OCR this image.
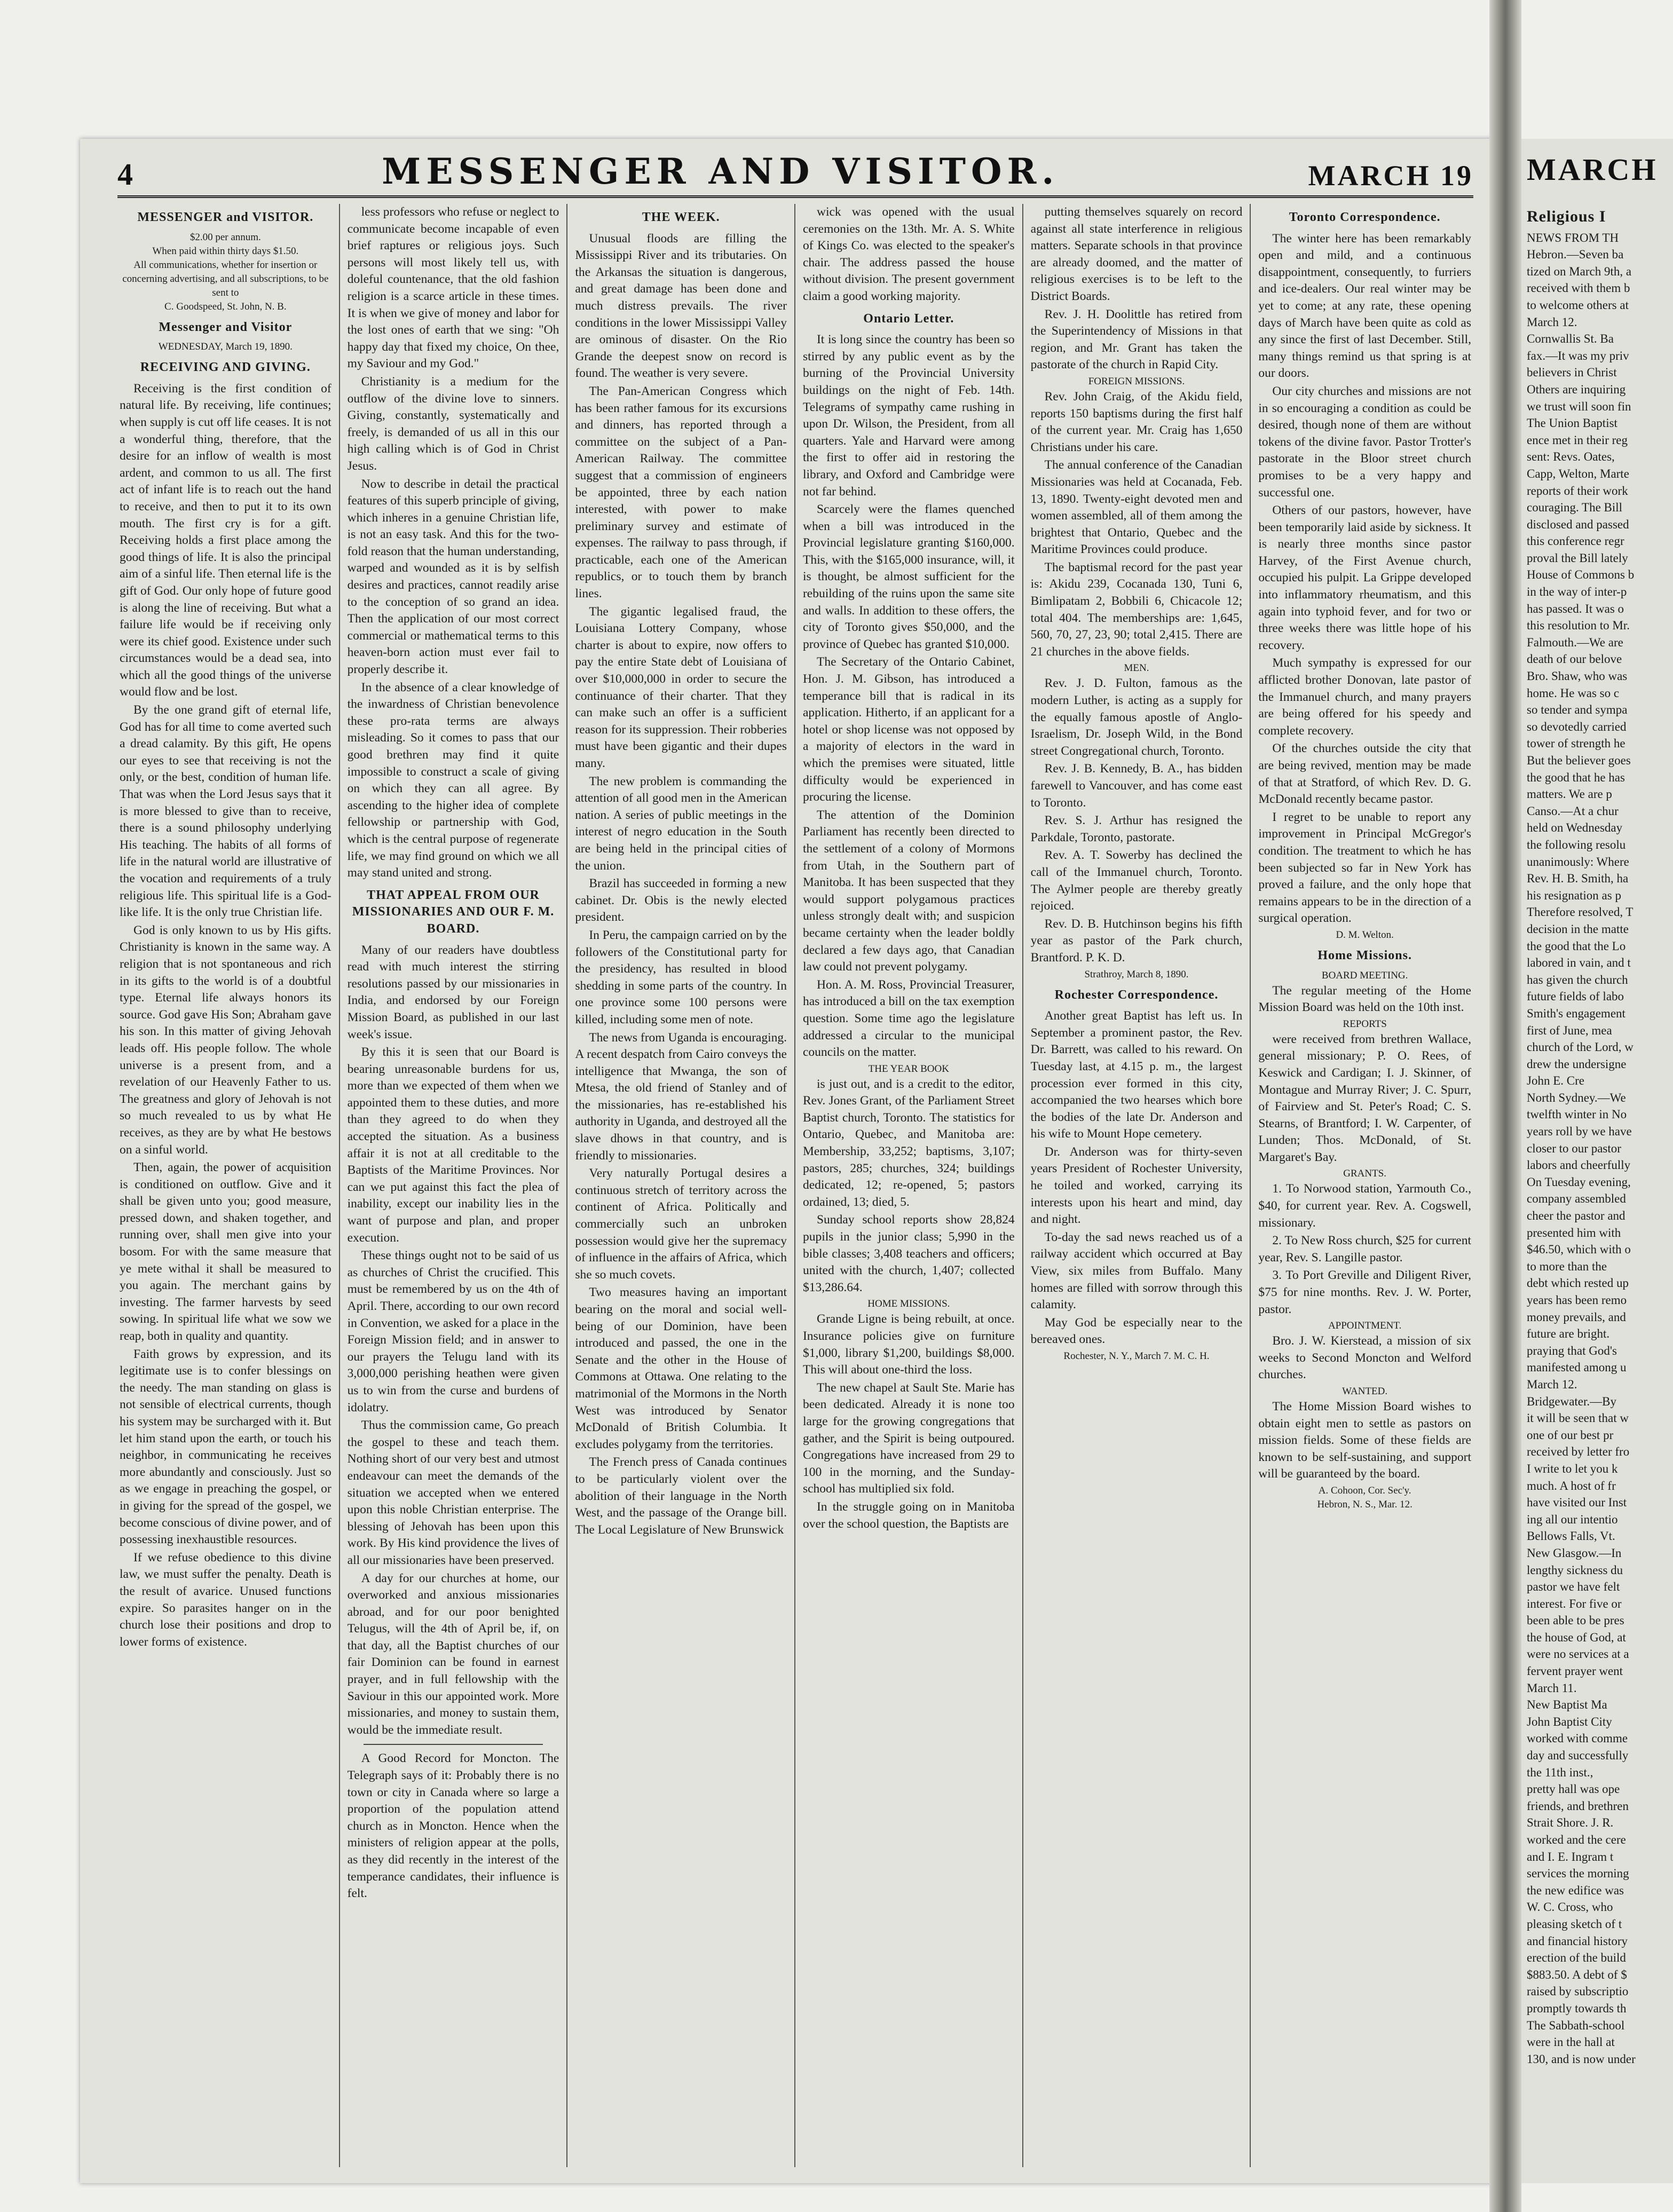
4	MESSENGER AND VISITOR.	MARCH 19
MESSENGER and VISITOR.
$2.00 per annum.
When paid within thirty days $1.50.
All communications, whether for insertion or concerning advertising, and all subscriptions, to be sent to
C. Goodspeed, St. John, N. B.
Messenger and Visitor
WEDNESDAY, March 19, 1890.
RECEIVING AND GIVING.
Receiving is the first condition of natural life. By receiving, life continues; when supply is cut off life ceases. It is not a wonderful thing, therefore, that the desire for an inflow of wealth is most ardent, and common to us all. The first act of infant life is to reach out the hand to receive, and then to put it to its own mouth. The first cry is for a gift. Receiving holds a first place among the good things of life. It is also the principal aim of a sinful life. Then eternal life is the gift of God. Our only hope of future good is along the line of receiving. But what a failure life would be if receiving only were its chief good. Existence under such circumstances would be a dead sea, into which all the good things of the universe would flow and be lost.
By the one grand gift of eternal life, God has for all time to come averted such a dread calamity. By this gift, He opens our eyes to see that receiving is not the only, or the best, condition of human life. That was when the Lord Jesus says that it is more blessed to give than to receive, there is a sound philosophy underlying His teaching. The habits of all forms of life in the natural world are illustrative of the vocation and requirements of a truly religious life. This spiritual life is a God-like life. It is the only true Christian life.
God is only known to us by His gifts. Christianity is known in the same way. A religion that is not spontaneous and rich in its gifts to the world is of a doubtful type. Eternal life always honors its source. God gave His Son; Abraham gave his son. In this matter of giving Jehovah leads off. His people follow. The whole universe is a present from, and a revelation of our Heavenly Father to us. The greatness and glory of Jehovah is not so much revealed to us by what He receives, as they are by what He bestows on a sinful world.
Then, again, the power of acquisition is conditioned on outflow. Give and it shall be given unto you; good measure, pressed down, and shaken together, and running over, shall men give into your bosom. For with the same measure that ye mete withal it shall be measured to you again. The merchant gains by investing. The farmer harvests by seed sowing. In spiritual life what we sow we reap, both in quality and quantity.
Faith grows by expression, and its legitimate use is to confer blessings on the needy. The man standing on glass is not sensible of electrical currents, though his system may be surcharged with it. But let him stand upon the earth, or touch his neighbor, in communicating he receives more abundantly and consciously. Just so as we engage in preaching the gospel, or in giving for the spread of the gospel, we become conscious of divine power, and of possessing inexhaustible resources.
If we refuse obedience to this divine law, we must suffer the penalty. Death is the result of avarice. Unused functions expire. So parasites hanger on in the church lose their positions and drop to lower forms of existence.
less professors who refuse or neglect to communicate become incapable of even brief raptures or religious joys. Such persons will most likely tell us, with doleful countenance, that the old fashion religion is a scarce article in these times. It is when we give of money and labor for the lost ones of earth that we sing: "Oh happy day that fixed my choice, On thee, my Saviour and my God."
Christianity is a medium for the outflow of the divine love to sinners. Giving, constantly, systematically and freely, is demanded of us all in this our high calling which is of God in Christ Jesus.
Now to describe in detail the practical features of this superb principle of giving, which inheres in a genuine Christian life, is not an easy task. And this for the two-fold reason that the human understanding, warped and wounded as it is by selfish desires and practices, cannot readily arise to the conception of so grand an idea. Then the application of our most correct commercial or mathematical terms to this heaven-born action must ever fail to properly describe it.
In the absence of a clear knowledge of the inwardness of Christian benevolence these pro-rata terms are always misleading. So it comes to pass that our good brethren may find it quite impossible to construct a scale of giving on which they can all agree. By ascending to the higher idea of complete fellowship or partnership with God, which is the central purpose of regenerate life, we may find ground on which we all may stand united and strong.
THAT APPEAL FROM OUR MISSIONARIES AND OUR F. M. BOARD.
Many of our readers have doubtless read with much interest the stirring resolutions passed by our missionaries in India, and endorsed by our Foreign Mission Board, as published in our last week's issue.
By this it is seen that our Board is bearing unreasonable burdens for us, more than we expected of them when we appointed them to these duties, and more than they agreed to do when they accepted the situation. As a business affair it is not at all creditable to the Baptists of the Maritime Provinces. Nor can we put against this fact the plea of inability, except our inability lies in the want of purpose and plan, and proper execution.
These things ought not to be said of us as churches of Christ the crucified. This must be remembered by us on the 4th of April. There, according to our own record in Convention, we asked for a place in the Foreign Mission field; and in answer to our prayers the Telugu land with its 3,000,000 perishing heathen were given us to win from the curse and burdens of idolatry.
Thus the commission came, Go preach the gospel to these and teach them. Nothing short of our very best and utmost endeavour can meet the demands of the situation we accepted when we entered upon this noble Christian enterprise. The blessing of Jehovah has been upon this work. By His kind providence the lives of all our missionaries have been preserved.
A day for our churches at home, our overworked and anxious missionaries abroad, and for our poor benighted Telugus, will the 4th of April be, if, on that day, all the Baptist churches of our fair Dominion can be found in earnest prayer, and in full fellowship with the Saviour in this our appointed work. More missionaries, and money to sustain them, would be the immediate result.
A Good Record for Moncton. The Telegraph says of it: Probably there is no town or city in Canada where so large a proportion of the population attend church as in Moncton. Hence when the ministers of religion appear at the polls, as they did recently in the interest of the temperance candidates, their influence is felt.
THE WEEK.
Unusual floods are filling the Mississippi River and its tributaries. On the Arkansas the situation is dangerous, and great damage has been done and much distress prevails. The river conditions in the lower Mississippi Valley are ominous of disaster. On the Rio Grande the deepest snow on record is found. The weather is very severe.
The Pan-American Congress which has been rather famous for its excursions and dinners, has reported through a committee on the subject of a Pan-American Railway. The committee suggest that a commission of engineers be appointed, three by each nation interested, with power to make preliminary survey and estimate of expenses. The railway to pass through, if practicable, each one of the American republics, or to touch them by branch lines.
The gigantic legalised fraud, the Louisiana Lottery Company, whose charter is about to expire, now offers to pay the entire State debt of Louisiana of over $10,000,000 in order to secure the continuance of their charter. That they can make such an offer is a sufficient reason for its suppression. Their robberies must have been gigantic and their dupes many.
The new problem is commanding the attention of all good men in the American nation. A series of public meetings in the interest of negro education in the South are being held in the principal cities of the union.
Brazil has succeeded in forming a new cabinet. Dr. Obis is the newly elected president.
In Peru, the campaign carried on by the followers of the Constitutional party for the presidency, has resulted in blood shedding in some parts of the country. In one province some 100 persons were killed, including some men of note.
The news from Uganda is encouraging. A recent despatch from Cairo conveys the intelligence that Mwanga, the son of Mtesa, the old friend of Stanley and of the missionaries, has re-established his authority in Uganda, and destroyed all the slave dhows in that country, and is friendly to missionaries.
Very naturally Portugal desires a continuous stretch of territory across the continent of Africa. Politically and commercially such an unbroken possession would give her the supremacy of influence in the affairs of Africa, which she so much covets.
Two measures having an important bearing on the moral and social well-being of our Dominion, have been introduced and passed, the one in the Senate and the other in the House of Commons at Ottawa. One relating to the matrimonial of the Mormons in the North West was introduced by Senator McDonald of British Columbia. It excludes polygamy from the territories.
The French press of Canada continues to be particularly violent over the abolition of their language in the North West, and the passage of the Orange bill. The Local Legislature of New Brunswick
wick was opened with the usual ceremonies on the 13th. Mr. A. S. White of Kings Co. was elected to the speaker's chair. The address passed the house without division. The present government claim a good working majority.
Ontario Letter.
It is long since the country has been so stirred by any public event as by the burning of the Provincial University buildings on the night of Feb. 14th. Telegrams of sympathy came rushing in upon Dr. Wilson, the President, from all quarters. Yale and Harvard were among the first to offer aid in restoring the library, and Oxford and Cambridge were not far behind.
Scarcely were the flames quenched when a bill was introduced in the Provincial legislature granting $160,000. This, with the $165,000 insurance, will, it is thought, be almost sufficient for the rebuilding of the ruins upon the same site and walls. In addition to these offers, the city of Toronto gives $50,000, and the province of Quebec has granted $10,000.
The Secretary of the Ontario Cabinet, Hon. J. M. Gibson, has introduced a temperance bill that is radical in its application. Hitherto, if an applicant for a hotel or shop license was not opposed by a majority of electors in the ward in which the premises were situated, little difficulty would be experienced in procuring the license.
The attention of the Dominion Parliament has recently been directed to the settlement of a colony of Mormons from Utah, in the Southern part of Manitoba. It has been suspected that they would support polygamous practices unless strongly dealt with; and suspicion became certainty when the leader boldly declared a few days ago, that Canadian law could not prevent polygamy.
Hon. A. M. Ross, Provincial Treasurer, has introduced a bill on the tax exemption question. Some time ago the legislature addressed a circular to the municipal councils on the matter.
THE YEAR BOOK
is just out, and is a credit to the editor, Rev. Jones Grant, of the Parliament Street Baptist church, Toronto. The statistics for Ontario, Quebec, and Manitoba are: Membership, 33,252; baptisms, 3,107; pastors, 285; churches, 324; buildings dedicated, 12; re-opened, 5; pastors ordained, 13; died, 5.
Sunday school reports show 28,824 pupils in the junior class; 5,990 in the bible classes; 3,408 teachers and officers; united with the church, 1,407; collected $13,286.64.
HOME MISSIONS.
Grande Ligne is being rebuilt, at once. Insurance policies give on furniture $1,000, library $1,200, buildings $8,000. This will about one-third the loss.
The new chapel at Sault Ste. Marie has been dedicated. Already it is none too large for the growing congregations that gather, and the Spirit is being outpoured. Congregations have increased from 29 to 100 in the morning, and the Sunday-school has multiplied six fold.
In the struggle going on in Manitoba over the school question, the Baptists are
putting themselves squarely on record against all state interference in religious matters. Separate schools in that province are already doomed, and the matter of religious exercises is to be left to the District Boards.
Rev. J. H. Doolittle has retired from the Superintendency of Missions in that region, and Mr. Grant has taken the pastorate of the church in Rapid City.
FOREIGN MISSIONS.
Rev. John Craig, of the Akidu field, reports 150 baptisms during the first half of the current year. Mr. Craig has 1,650 Christians under his care.
The annual conference of the Canadian Missionaries was held at Cocanada, Feb. 13, 1890. Twenty-eight devoted men and women assembled, all of them among the brightest that Ontario, Quebec and the Maritime Provinces could produce.
The baptismal record for the past year is: Akidu 239, Cocanada 130, Tuni 6, Bimlipatam 2, Bobbili 6, Chicacole 12; total 404. The memberships are: 1,645, 560, 70, 27, 23, 90; total 2,415. There are 21 churches in the above fields.
MEN.
Rev. J. D. Fulton, famous as the modern Luther, is acting as a supply for the equally famous apostle of Anglo-Israelism, Dr. Joseph Wild, in the Bond street Congregational church, Toronto.
Rev. J. B. Kennedy, B. A., has bidden farewell to Vancouver, and has come east to Toronto.
Rev. S. J. Arthur has resigned the Parkdale, Toronto, pastorate.
Rev. A. T. Sowerby has declined the call of the Immanuel church, Toronto. The Aylmer people are thereby greatly rejoiced.
Rev. D. B. Hutchinson begins his fifth year as pastor of the Park church, Brantford. P. K. D.
Strathroy, March 8, 1890.
Rochester Correspondence.
Another great Baptist has left us. In September a prominent pastor, the Rev. Dr. Barrett, was called to his reward. On Tuesday last, at 4.15 p. m., the largest procession ever formed in this city, accompanied the two hearses which bore the bodies of the late Dr. Anderson and his wife to Mount Hope cemetery.
Dr. Anderson was for thirty-seven years President of Rochester University, he toiled and worked, carrying its interests upon his heart and mind, day and night.
To-day the sad news reached us of a railway accident which occurred at Bay View, six miles from Buffalo. Many homes are filled with sorrow through this calamity.
May God be especially near to the bereaved ones.
Rochester, N. Y., March 7. M. C. H.
Toronto Correspondence.
The winter here has been remarkably open and mild, and a continuous disappointment, consequently, to furriers and ice-dealers. Our real winter may be yet to come; at any rate, these opening days of March have been quite as cold as any since the first of last December. Still, many things remind us that spring is at our doors.
Our city churches and missions are not in so encouraging a condition as could be desired, though none of them are without tokens of the divine favor. Pastor Trotter's pastorate in the Bloor street church promises to be a very happy and successful one.
Others of our pastors, however, have been temporarily laid aside by sickness. It is nearly three months since pastor Harvey, of the First Avenue church, occupied his pulpit. La Grippe developed into inflammatory rheumatism, and this again into typhoid fever, and for two or three weeks there was little hope of his recovery.
Much sympathy is expressed for our afflicted brother Donovan, late pastor of the Immanuel church, and many prayers are being offered for his speedy and complete recovery.
Of the churches outside the city that are being revived, mention may be made of that at Stratford, of which Rev. D. G. McDonald recently became pastor.
I regret to be unable to report any improvement in Principal McGregor's condition. The treatment to which he has been subjected so far in New York has proved a failure, and the only hope that remains appears to be in the direction of a surgical operation.
D. M. Welton.
Home Missions.
BOARD MEETING.
The regular meeting of the Home Mission Board was held on the 10th inst.
REPORTS
were received from brethren Wallace, general missionary; P. O. Rees, of Keswick and Cardigan; I. J. Skinner, of Montague and Murray River; J. C. Spurr, of Fairview and St. Peter's Road; C. S. Stearns, of Brantford; I. W. Carpenter, of Lunden; Thos. McDonald, of St. Margaret's Bay.
GRANTS.
1. To Norwood station, Yarmouth Co., $40, for current year. Rev. A. Cogswell, missionary.
2. To New Ross church, $25 for current year, Rev. S. Langille pastor.
3. To Port Greville and Diligent River, $75 for nine months. Rev. J. W. Porter, pastor.
APPOINTMENT.
Bro. J. W. Kierstead, a mission of six weeks to Second Moncton and Welford churches.
WANTED.
The Home Mission Board wishes to obtain eight men to settle as pastors on mission fields. Some of these fields are known to be self-sustaining, and support will be guaranteed by the board.
A. Cohoon, Cor. Sec'y.
Hebron, N. S., Mar. 12.
MARCH
Religious I
NEWS FROM TH
Hebron.—Seven ba
tized on March 9th, a
received with them b
to welcome others at
March 12.
Cornwallis St. Ba
fax.—It was my priv
believers in Christ
Others are inquiring
we trust will soon fin
The Union Baptist
ence met in their reg
sent: Revs. Oates,
Capp, Welton, Marte
reports of their work
couraging. The Bill
disclosed and passed
this conference regr
proval the Bill lately
House of Commons b
in the way of inter-p
has passed. It was o
this resolution to Mr.
Falmouth.—We are
death of our belove
Bro. Shaw, who was
home. He was so c
so tender and sympa
so devotedly carried
tower of strength he
But the believer goes
the good that he has
matters. We are p
Canso.—At a chur
held on Wednesday
the following resolu
unanimously: Where
Rev. H. B. Smith, ha
his resignation as p
Therefore resolved, T
decision in the matte
the good that the Lo
labored in vain, and t
has given the church
future fields of labo
Smith's engagement
first of June, mea
church of the Lord, w
drew the undersigne
John E. Cre
North Sydney.—We
twelfth winter in No
years roll by we have
closer to our pastor
labors and cheerfully
On Tuesday evening,
company assembled
cheer the pastor and
presented him with
$46.50, which with o
to more than the
debt which rested up
years has been remo
money prevails, and
future are bright.
praying that God's
manifested among u
March 12.
Bridgewater.—By
it will be seen that w
one of our best pr
received by letter fro
I write to let you k
much. A host of fr
have visited our Inst
ing all our intentio
Bellows Falls, Vt.
New Glasgow.—In
lengthy sickness du
pastor we have felt
interest. For five or
been able to be pres
the house of God, at
were no services at a
fervent prayer went
March 11.
New Baptist Ma
John Baptist City
worked with comme
day and successfully
the 11th inst.,
pretty hall was ope
friends, and brethren
Strait Shore. J. R.
worked and the cere
and I. E. Ingram t
services the morning
the new edifice was
W. C. Cross, who
pleasing sketch of t
and financial history
erection of the build
$883.50. A debt of $
raised by subscriptio
promptly towards th
The Sabbath-school
were in the hall at
130, and is now under
